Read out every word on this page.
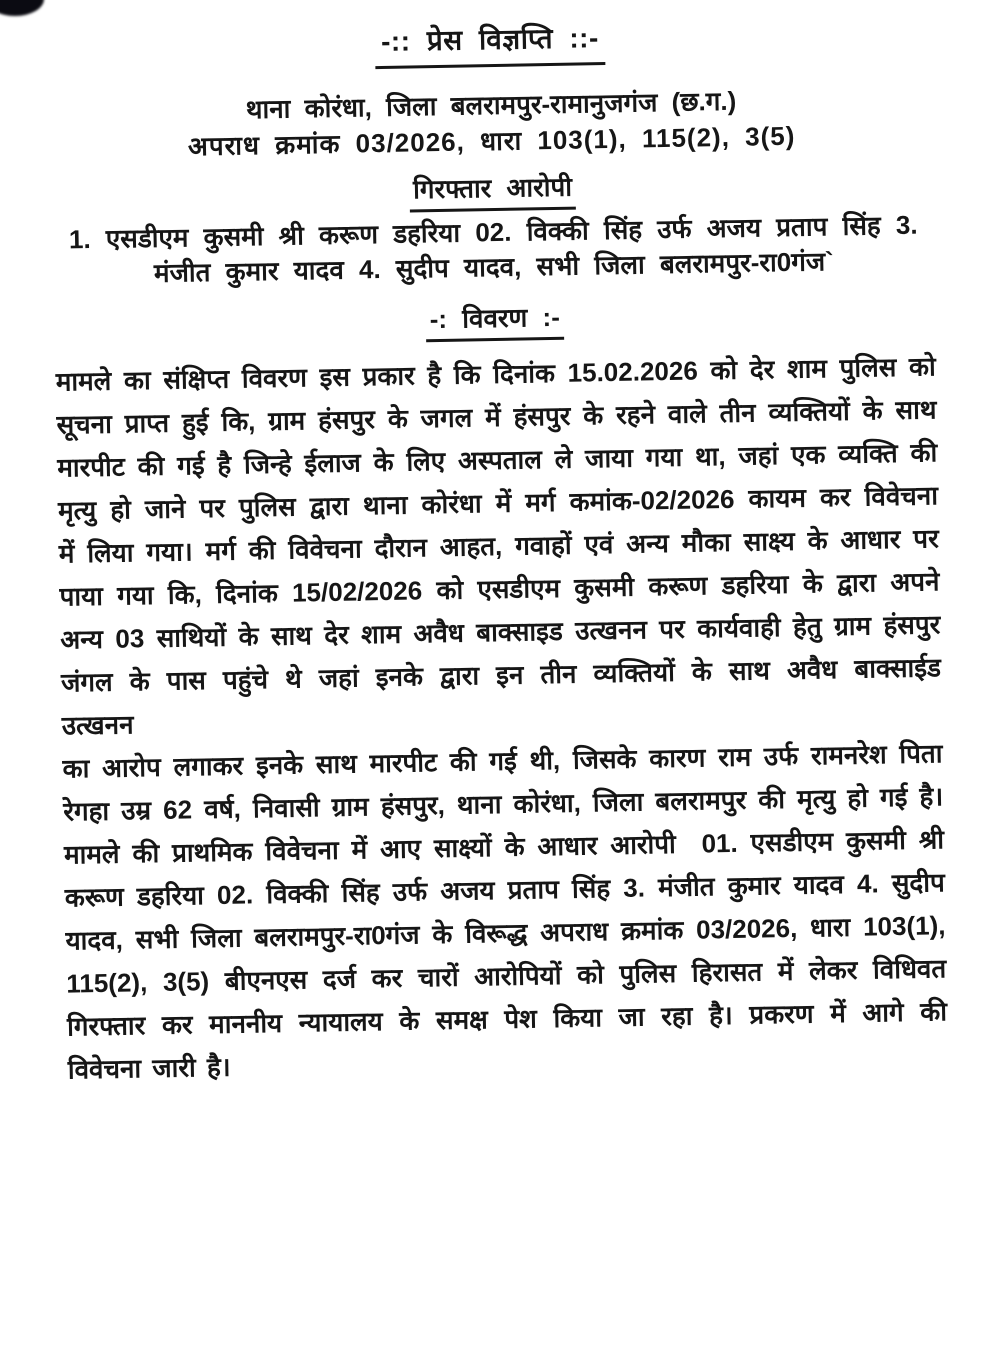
-:: प्रेस विज्ञप्ति ::-
थाना कोरंधा, जिला बलरामपुर-रामानुजगंज (छ.ग.)
अपराध क्रमांक 03/2026, धारा 103(1), 115(2), 3(5)
गिरफ्तार आरोपी
1. एसडीएम कुसमी श्री करूण डहरिया 02. विक्की सिंह उर्फ अजय प्रताप सिंह 3.
मंजीत कुमार यादव 4. सुदीप यादव, सभी जिला बलरामपुर-रा0गंज`
-: विवरण :-
मामले का संक्षिप्त विवरण इस प्रकार है कि दिनांक 15.02.2026 को देर शाम पुलिस को
सूचना प्राप्त हुई कि, ग्राम हंसपुर के जगल में हंसपुर के रहने वाले तीन व्यक्तियों के साथ
मारपीट की गई है जिन्हे ईलाज के लिए अस्पताल ले जाया गया था, जहां एक व्यक्ति की
मृत्यु हो जाने पर पुलिस द्वारा थाना कोरंधा में मर्ग कमांक-02/2026 कायम कर विवेचना
में लिया गया। मर्ग की विवेचना दौरान आहत, गवाहों एवं अन्य मौका साक्ष्य के आधार पर
पाया गया कि, दिनांक 15/02/2026 को एसडीएम कुसमी करूण डहरिया के द्वारा अपने
अन्य 03 साथियों के साथ देर शाम अवैध बाक्साइड उत्खनन पर कार्यवाही हेतु ग्राम हंसपुर
जंगल के पास पहुंचे थे जहां इनके द्वारा इन तीन व्यक्तियों के साथ अवैध बाक्साईड उत्खनन
का आरोप लगाकर इनके साथ मारपीट की गई थी, जिसके कारण राम उर्फ रामनरेश पिता
रेगहा उम्र 62 वर्ष, निवासी ग्राम हंसपुर, थाना कोरंधा, जिला बलरामपुर की मृत्यु हो गई है।
मामले की प्राथमिक विवेचना में आए साक्ष्यों के आधार आरोपी  01. एसडीएम कुसमी श्री
करूण डहरिया 02. विक्की सिंह उर्फ अजय प्रताप सिंह 3. मंजीत कुमार यादव 4. सुदीप
यादव, सभी जिला बलरामपुर-रा0गंज के विरूद्ध अपराध क्रमांक 03/2026, धारा 103(1),
115(2), 3(5) बीएनएस दर्ज कर चारों आरोपियों को पुलिस हिरासत में लेकर विधिवत
गिरफ्तार कर माननीय न्यायालय के समक्ष पेश किया जा रहा है। प्रकरण में आगे की
विवेचना जारी है।
